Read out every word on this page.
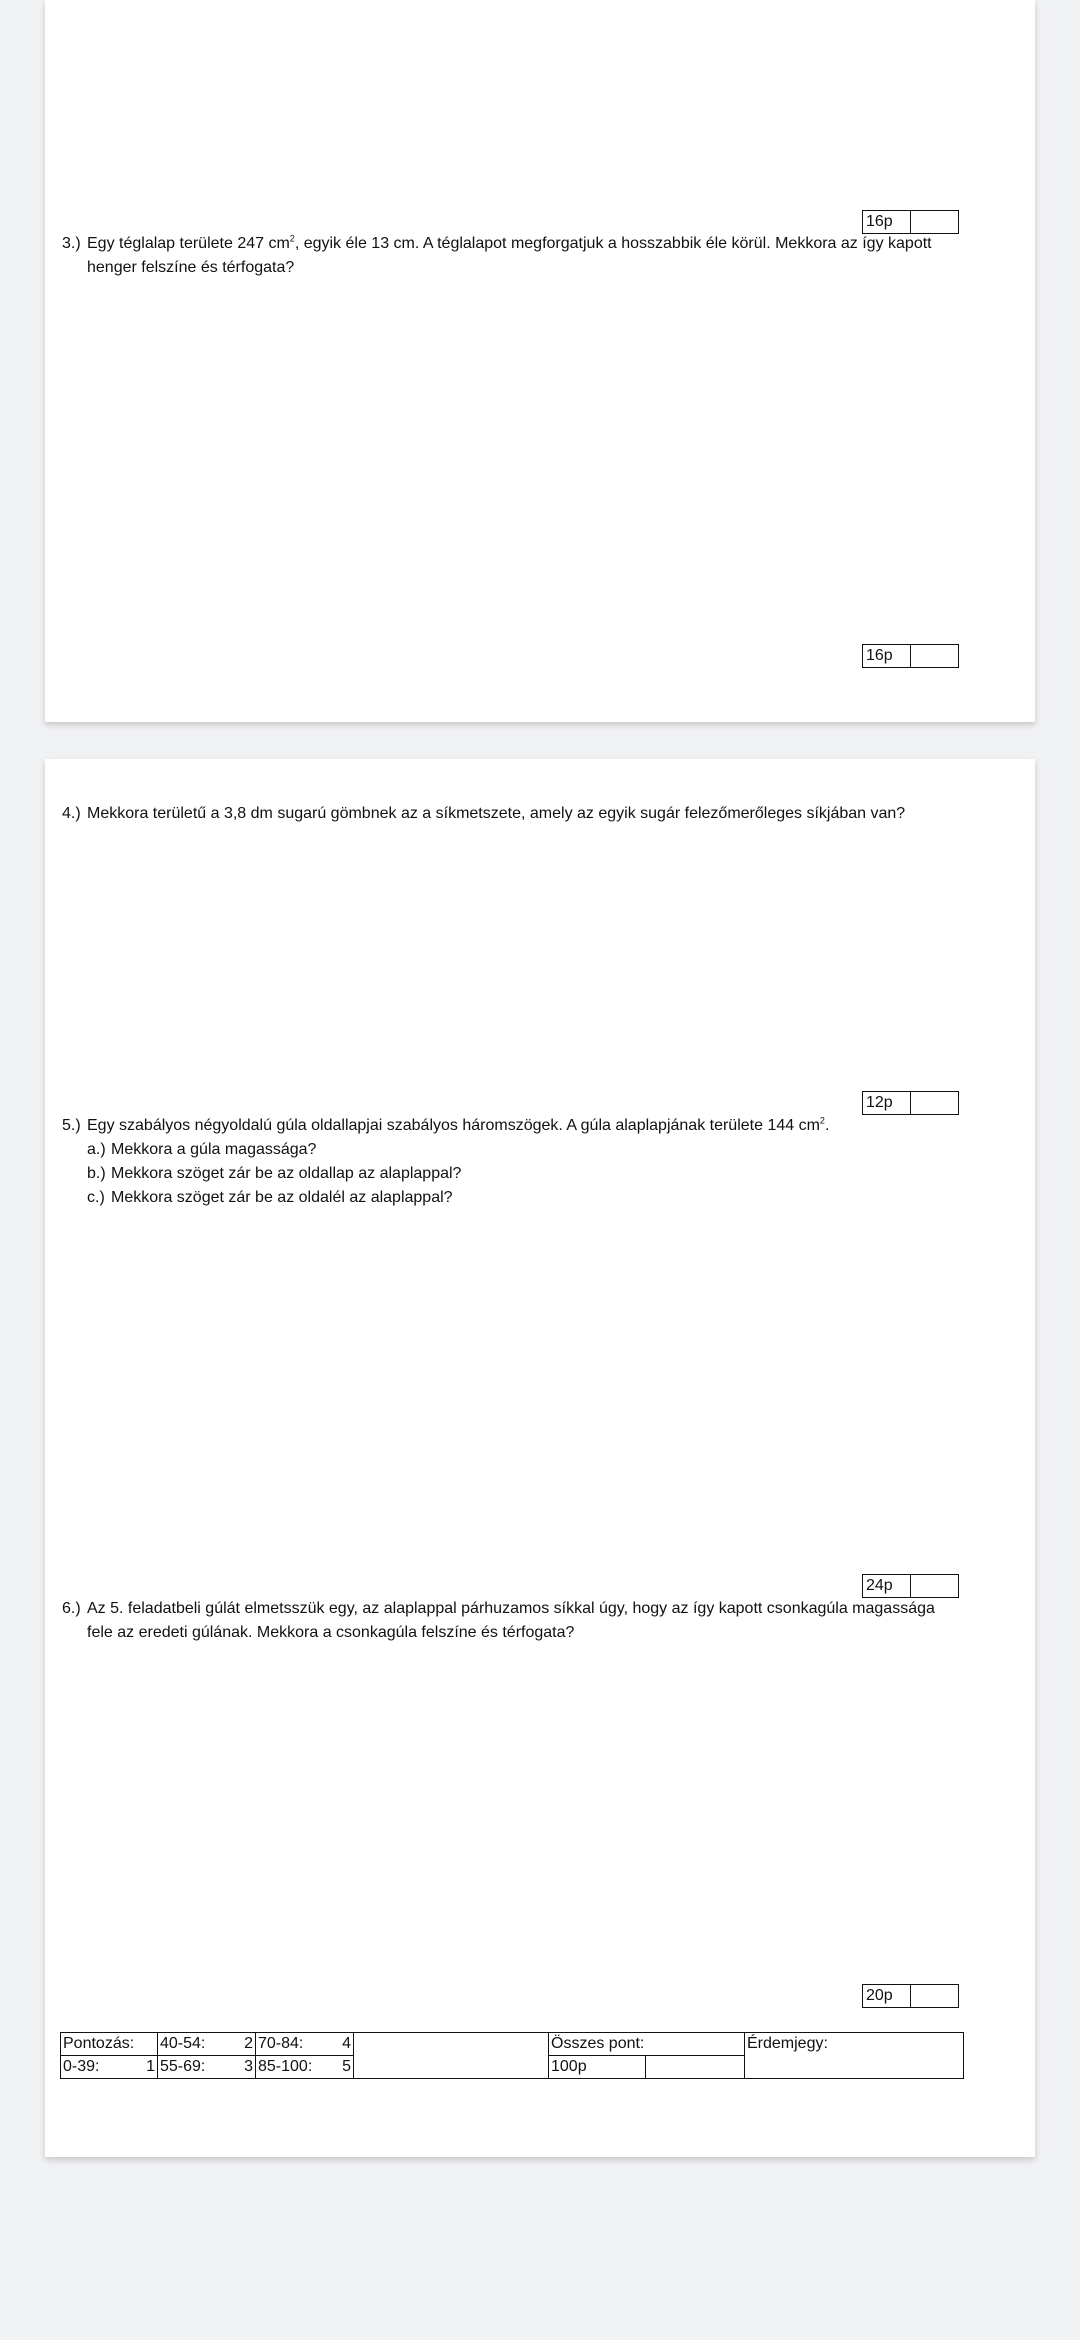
16p
3.) Egy téglalap területe 247 $cm^2$, egyik éle 13 cm. A téglalapot megforgatjuk a hosszabbik éle körül. Mekkora az így kapott
henger felszíne és térfogata?
16p
4.) Mekkora területű a 3,8 dm sugarú gömbnek az a síkmetszete, amely az egyik sugár felezőmerőleges síkjában van?
12p
5.) Egy szabályos négyoldalú gúla oldallapjai szabályos háromszögek. A gúla alaplapjának területe 144 $cm^2$.
a.) Mekkora a gúla magassága?
b.) Mekkora szöget zár be az oldallap az alaplappal?
c.) Mekkora szöget zár be az oldalél az alaplappal?
24p
6.) Az 5. feladatbeli gúlát elmetsszük egy, az alaplappal párhuzamos síkkal úgy, hogy az így kapott csonkagúla magassága
fele az eredeti gúlának. Mekkora a csonkagúla felszíne és térfogata?
20p
Pontozás:	40-54: 2	70-84: 4		Összes pont:		Érdemjegy:

0-39: 1	55-69: 3	85-100: 5		100p		
